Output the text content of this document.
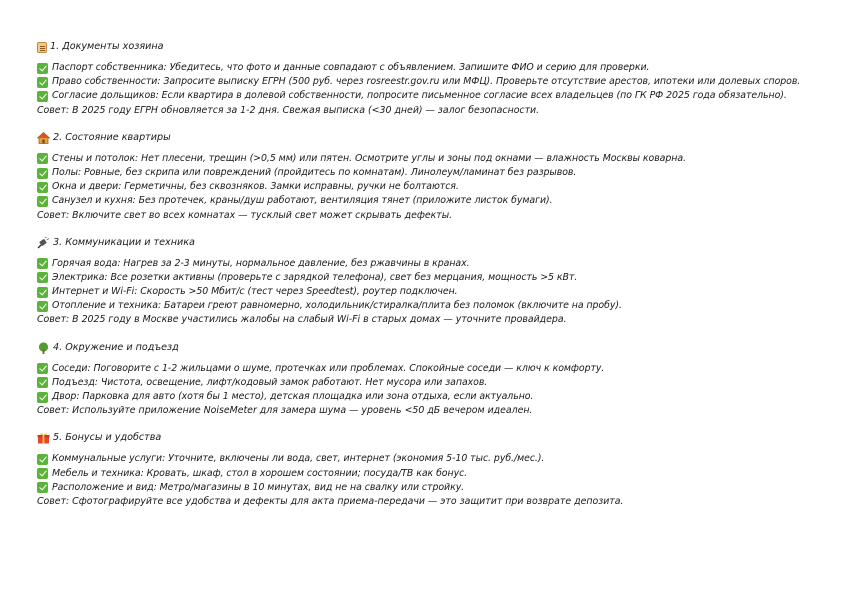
1. Документы хозяина
Паспорт собственника: Убедитесь, что фото и данные совпадают с объявлением. Запишите ФИО и серию для проверки.
Право собственности: Запросите выписку ЕГРН (500 руб. через rosreestr.gov.ru или МФЦ). Проверьте отсутствие арестов, ипотеки или долевых споров.
Согласие дольщиков: Если квартира в долевой собственности, попросите письменное согласие всех владельцев (по ГК РФ 2025 года обязательно).
Совет: В 2025 году ЕГРН обновляется за 1-2 дня. Свежая выписка (<30 дней) — залог безопасности.
2. Состояние квартиры
Стены и потолок: Нет плесени, трещин (>0,5 мм) или пятен. Осмотрите углы и зоны под окнами — влажность Москвы коварна.
Полы: Ровные, без скрипа или повреждений (пройдитесь по комнатам). Линолеум/ламинат без разрывов.
Окна и двери: Герметичны, без сквозняков. Замки исправны, ручки не болтаются.
Санузел и кухня: Без протечек, краны/душ работают, вентиляция тянет (приложите листок бумаги).
Совет: Включите свет во всех комнатах — тусклый свет может скрывать дефекты.
3. Коммуникации и техника
Горячая вода: Нагрев за 2-3 минуты, нормальное давление, без ржавчины в кранах.
Электрика: Все розетки активны (проверьте с зарядкой телефона), свет без мерцания, мощность >5 кВт.
Интернет и Wi-Fi: Скорость >50 Мбит/с (тест через Speedtest), роутер подключен.
Отопление и техника: Батареи греют равномерно, холодильник/стиралка/плита без поломок (включите на пробу).
Совет: В 2025 году в Москве участились жалобы на слабый Wi-Fi в старых домах — уточните провайдера.
4. Окружение и подъезд
Соседи: Поговорите с 1-2 жильцами о шуме, протечках или проблемах. Спокойные соседи — ключ к комфорту.
Подъезд: Чистота, освещение, лифт/кодовый замок работают. Нет мусора или запахов.
Двор: Парковка для авто (хотя бы 1 место), детская площадка или зона отдыха, если актуально.
Совет: Используйте приложение NoiseMeter для замера шума — уровень <50 дБ вечером идеален.
5. Бонусы и удобства
Коммунальные услуги: Уточните, включены ли вода, свет, интернет (экономия 5-10 тыс. руб./мес.).
Мебель и техника: Кровать, шкаф, стол в хорошем состоянии; посуда/ТВ как бонус.
Расположение и вид: Метро/магазины в 10 минутах, вид не на свалку или стройку.
Совет: Сфотографируйте все удобства и дефекты для акта приема-передачи — это защитит при возврате депозита.
